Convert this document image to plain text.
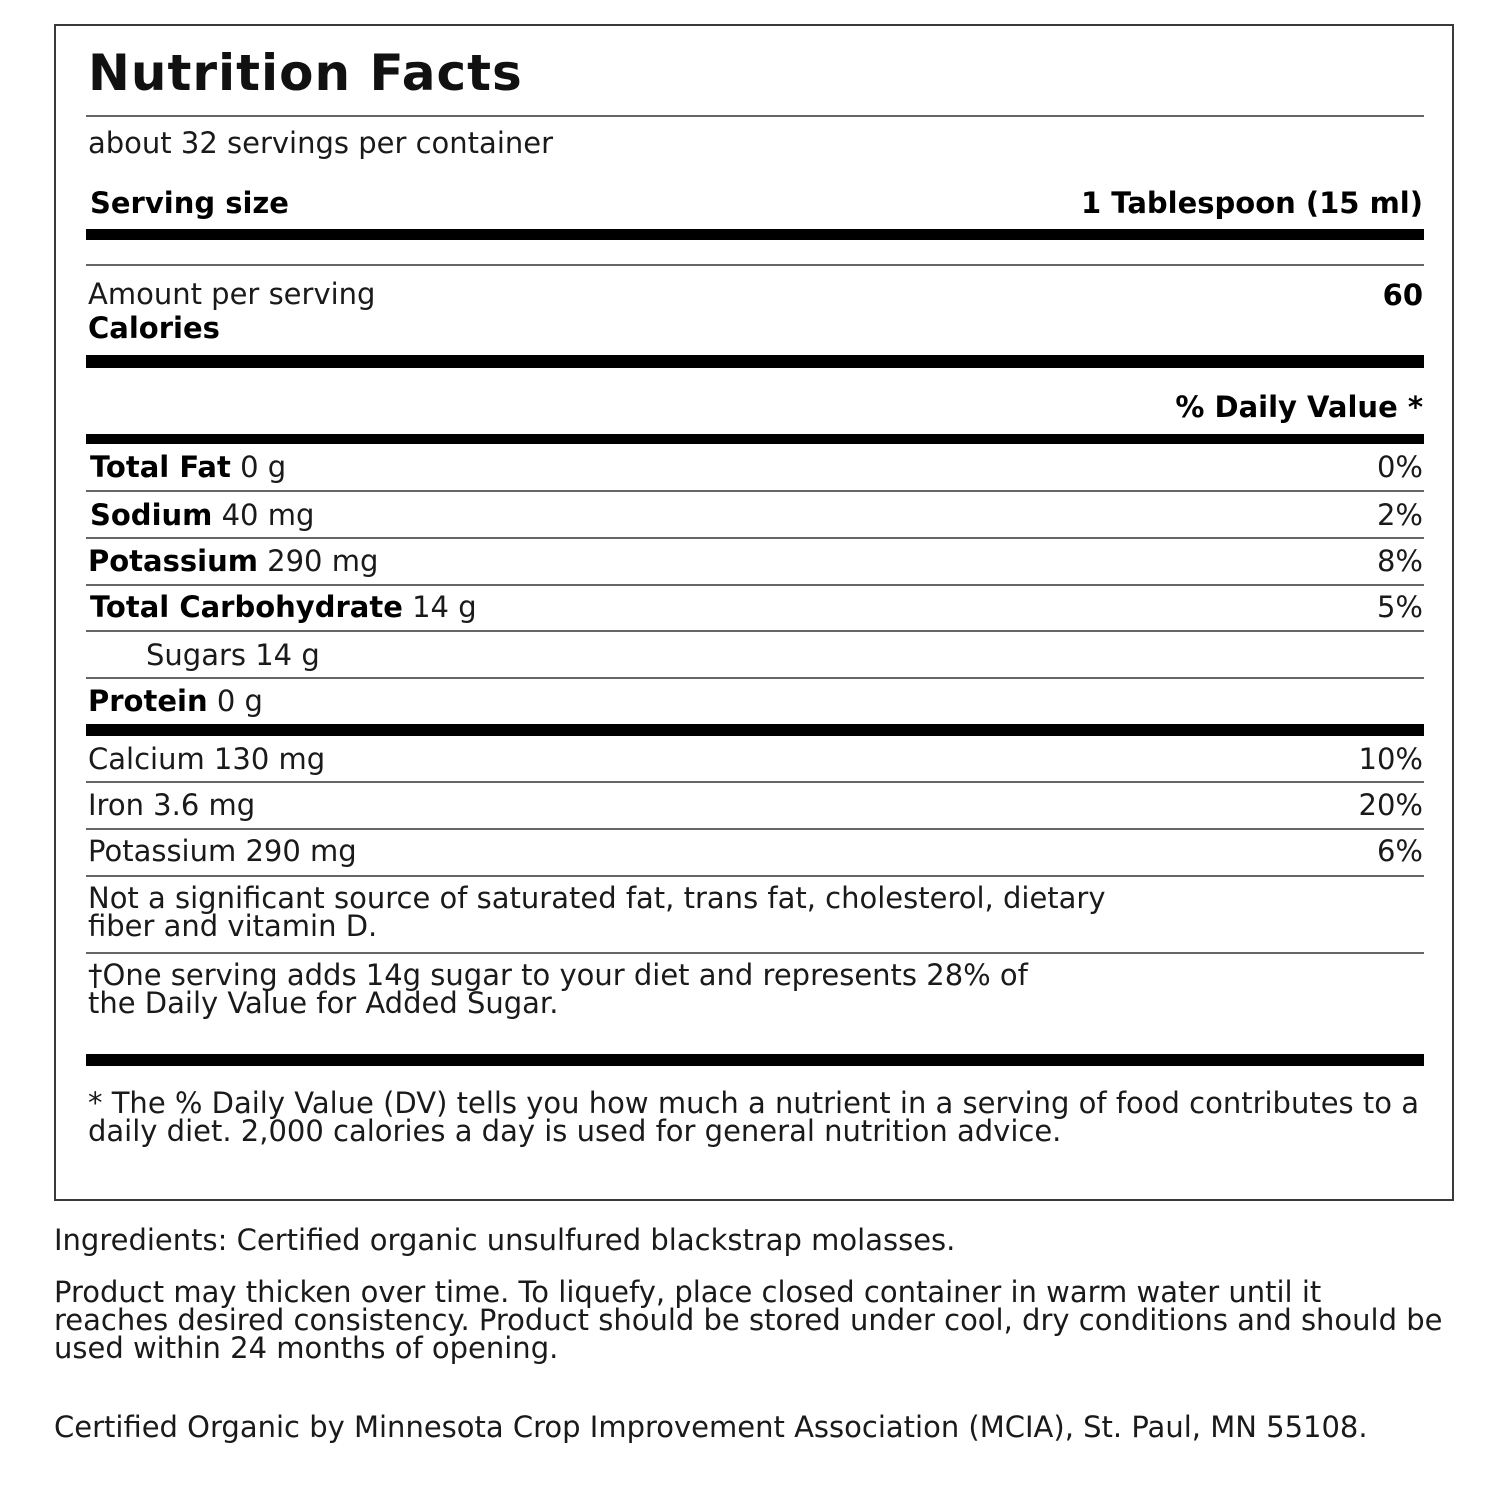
Nutrition Facts
about 32 servings per container
Serving size	1 Tablespoon (15 ml)
Amount per serving
Calories
60
% Daily Value *
Total Fat 0 g	0%
Sodium 40 mg	2%
Potassium 290 mg	8%
Total Carbohydrate 14 g	5%
Sugars 14 g
Protein 0 g
Calcium 130 mg	10%
Iron 3.6 mg	20%
Potassium 290 mg	6%
Not a significant source of saturated fat, trans fat, cholesterol, dietary fiber and vitamin D.
†One serving adds 14g sugar to your diet and represents 28% of the Daily Value for Added Sugar.
* The % Daily Value (DV) tells you how much a nutrient in a serving of food contributes to a daily diet. 2,000 calories a day is used for general nutrition advice.
Ingredients: Certified organic unsulfured blackstrap molasses.
Product may thicken over time. To liquefy, place closed container in warm water until it reaches desired consistency. Product should be stored under cool, dry conditions and should be used within 24 months of opening.
Certified Organic by Minnesota Crop Improvement Association (MCIA), St. Paul, MN 55108.
